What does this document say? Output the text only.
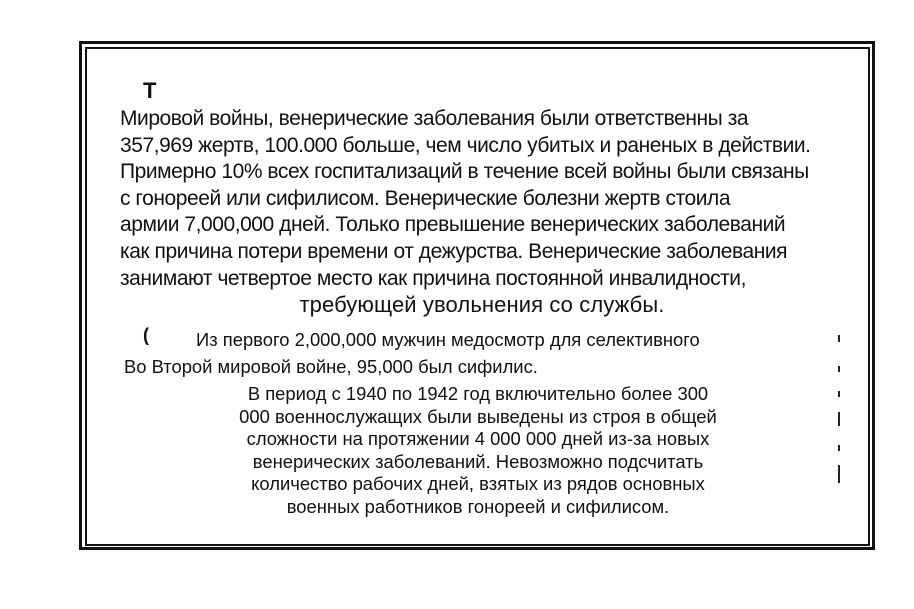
Т
(
Мировой войны, венерические заболевания были ответственны за
357,969 жертв, 100.000 больше, чем число убитых и раненых в действии.
Примерно 10% всех госпитализаций в течение всей войны были связаны
с гонореей или сифилисом. Венерические болезни жертв стоила
армии 7,000,000 дней. Только превышение венерических заболеваний
как причина потери времени от дежурства. Венерические заболевания
занимают четвертое место как причина постоянной инвалидности,
требующей увольнения со службы.
Из первого 2,000,000 мужчин медосмотр для селективного
Во Второй мировой войне, 95,000 был сифилис.
В период с 1940 по 1942 год включительно более 300
000 военнослужащих были выведены из строя в общей
сложности на протяжении 4 000 000 дней из-за новых
венерических заболеваний. Невозможно подсчитать
количество рабочих дней, взятых из рядов основных
военных работников гонореей и сифилисом.
